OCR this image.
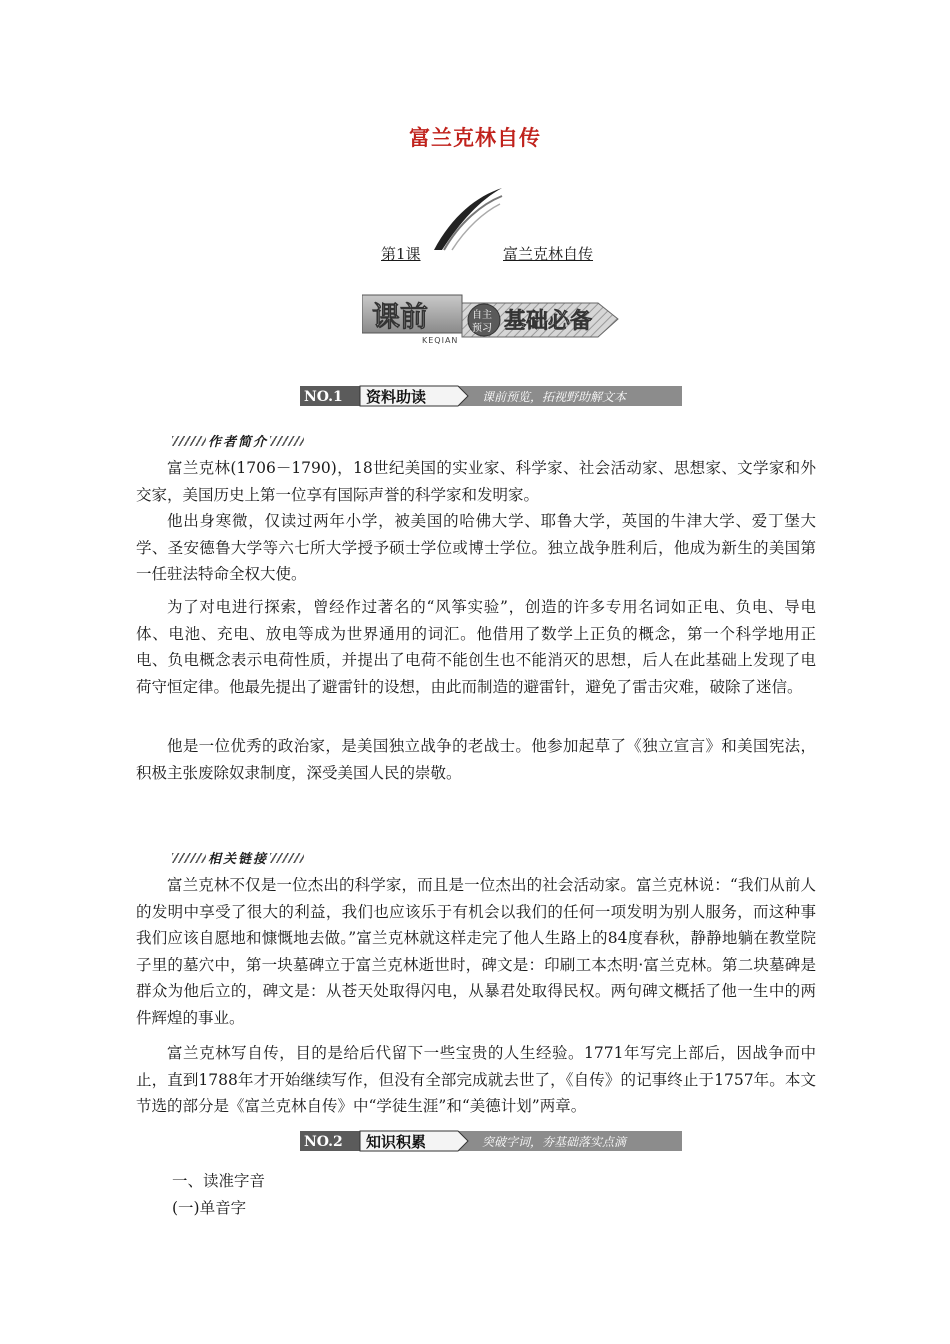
富兰克林自传
第1课	富兰克林自传
课前	自主
预习 基础必备
KEQIAN
NO.1 资料助读	课前预览，拓视野助解文本
作者简介

富兰克林(1706－1790)，18世纪美国的实业家、科学家、社会活动家、思想家、文学家和外交家，美国历史上第一位享有国际声誉的科学家和发明家。

他出身寒微，仅读过两年小学，被美国的哈佛大学、耶鲁大学，英国的牛津大学、爱丁堡大学、圣安德鲁大学等六七所大学授予硕士学位或博士学位。独立战争胜利后，他成为新生的美国第一任驻法特命全权大使。

为了对电进行探索，曾经作过著名的“风筝实验”，创造的许多专用名词如正电、负电、导电体、电池、充电、放电等成为世界通用的词汇。他借用了数学上正负的概念，第一个科学地用正电、负电概念表示电荷性质，并提出了电荷不能创生也不能消灭的思想，后人在此基础上发现了电荷守恒定律。他最先提出了避雷针的设想，由此而制造的避雷针，避免了雷击灾难，破除了迷信。

他是一位优秀的政治家，是美国独立战争的老战士。他参加起草了《独立宣言》和美国宪法，积极主张废除奴隶制度，深受美国人民的崇敬。

相关链接

富兰克林不仅是一位杰出的科学家，而且是一位杰出的社会活动家。富兰克林说：“我们从前人的发明中享受了很大的利益，我们也应该乐于有机会以我们的任何一项发明为别人服务，而这种事我们应该自愿地和慷慨地去做。”富兰克林就这样走完了他人生路上的84度春秋，静静地躺在教堂院子里的墓穴中，第一块墓碑立于富兰克林逝世时，碑文是：印刷工本杰明·富兰克林。第二块墓碑是群众为他后立的，碑文是：从苍天处取得闪电，从暴君处取得民权。两句碑文概括了他一生中的两件辉煌的事业。

富兰克林写自传，目的是给后代留下一些宝贵的人生经验。1771年写完上部后，因战争而中止，直到1788年才开始继续写作，但没有全部完成就去世了，《自传》的记事终止于1757年。本文节选的部分是《富兰克林自传》中“学徒生涯”和“美德计划”两章。

NO.2 知识积累	突破字词，夯基础落实点滴
一、读准字音
(一)单音字
